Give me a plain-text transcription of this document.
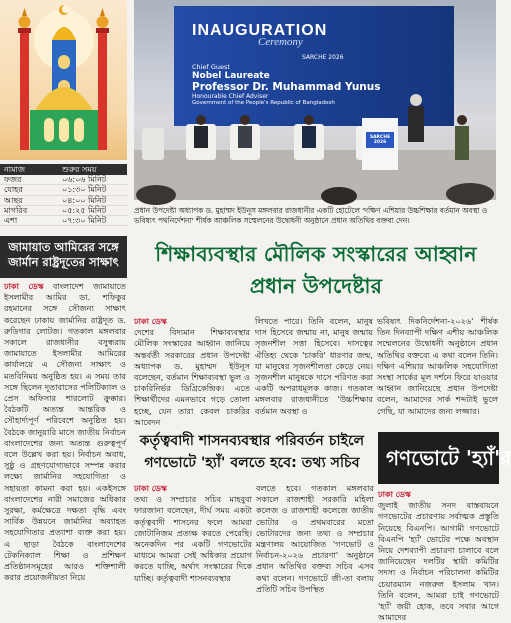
নামাজ	শুরুর সময়
ফজর	০৬:০৬ মিনিট
যোহর	০১:৩০ মিনিট
আছর	০৪:০০ মিনিট
মাগরিব	০৫:২৫ মিনিট
এশা	০৭:৩০ মিনিট
জামায়াত আমিরের সঙ্গে জার্মান রাষ্ট্রদূতের সাক্ষাৎ
ঢাকা ডেস্ক বাংলাদেশ জামায়াতে ইসলামীর আমির ডা. শফিকুর রহমানের সঙ্গে সৌজন্য সাক্ষাৎ করেছেন ঢাকায় জার্মানির রাষ্ট্রদূত ড. রুডিগার লোটজ। গতকাল মঙ্গলবার সকালে রাজধানীর বসুন্ধরায় জামায়াতে ইসলামীর আমিরের কার্যালয়ে এ সৌজন্য সাক্ষাৎ ও মতবিনিময় অনুষ্ঠিত হয়। এ সময় তার সঙ্গে ছিলেন দূতাবাসের পলিটিক্যাল ও প্রেস অফিসার শারলোট ক্রুক্কার। বৈঠকটি অত্যন্ত আন্তরিক ও সৌহার্দ্যপূর্ণ পরিবেশে অনুষ্ঠিত হয়। বৈঠকে জানুয়ারি মাসে জাতীয় নির্বাচন বাংলাদেশের জন্য অত্যন্ত গুরুত্বপূর্ণ বলে উল্লেখ করা হয়। নির্বাচন অবাধ, সুষ্ঠু ও গ্রহণযোগ্যভাবে সম্পন্ন করার লক্ষ্যে জার্মানির সহযোগিতা ও সহায়তা কামনা করা হয়। একইসঙ্গে বাংলাদেশের নারী সমাজের অধিকার সুরক্ষা, কর্মক্ষেত্রে দক্ষতা বৃদ্ধি এবং সার্বিক উন্নয়নে জার্মানির অব্যাহত সহযোগিতার প্রত্যাশা ব্যক্ত করা হয়। এ ছাড়া বৈঠকে বাংলাদেশের টেকনিক্যাল শিক্ষা ও প্রশিক্ষণ প্রতিষ্ঠানসমূহের আরও শক্তিশালী করার প্রয়োজনীয়তা নিয়ে
INAUGURATION
Ceremony
SARCHE 2026
Chief Guest
Nobel Laureate
Professor Dr. Muhammad Yunus
Honourable Chief Adviser
Government of the People's Republic of Bangladesh
SARCHE 2026
প্রধান উপদেষ্টা অধ্যাপক ড. মুহাম্মদ ইউনূস মঙ্গলবার রাজধানীর একটি হোটেলে 'দক্ষিণ এশিয়ার উচ্চশিক্ষার বর্তমান অবস্থা ও ভবিষ্যৎ পথনির্দেশনা' শীর্ষক আঞ্চলিক সম্মেলনের উদ্বোধনী অনুষ্ঠানে প্রধান অতিথির বক্তব্য দেন।
শিক্ষাব্যবস্থার মৌলিক সংস্কারের আহ্বান প্রধান উপদেষ্টার
ঢাকা ডেস্ক
দেশের বিদ্যমান শিক্ষাব্যবস্থার মৌলিক সংস্কারের আহ্বান জানিয়ে অন্তর্বর্তী সরকারের প্রধান উপদেষ্টা অধ্যাপক ড. মুহাম্মদ ইউনূস বলেছেন, বর্তমান শিক্ষাব্যবস্থা ভুল ও চাকরিনির্ভর ডিগ্রিকেন্দ্রিক। এতে শিক্ষার্থীদের এমনভাবে গড়ে তোলা হচ্ছে, যেন তারা কেবল চাকরির আবেদন
লিখতে পারে। তিনি বলেন, মানুষ দাস হিসেবে জন্মায় না, মানুষ জন্মায় সৃজনশীল সত্তা হিসেবে। দাসত্বের ঐতিহ্য থেকে 'চাকরি' ধারণার জন্ম, যা মানুষের সৃজনশীলতা কেড়ে নেয়। সৃজনশীল মানুষকে দাসে পরিণত করা একটি অপরাধমূলক কাজ। গতকাল মঙ্গলবার রাজধানীতে 'উচ্চশিক্ষার বর্তমান অবস্থা ও
ভবিষ্যৎ দিকনির্দেশনা-২০২৬' শীর্ষক তিন দিনব্যাপী দক্ষিণ এশীয় আঞ্চলিক সম্মেলনের উদ্বোধনী অনুষ্ঠানে প্রধান অতিথির বক্তব্যে এ কথা বলেন তিনি। দক্ষিণ এশিয়ার আঞ্চলিক সহযোগিতা সংস্থা সার্কের মূল দর্শনে ফিরে যাওয়ার আহ্বান জানিয়েছে প্রধান উপদেষ্টা বলেন, আমাদের সার্ক শব্দটাই ভুলে গেছি, যা আমাদের জন্য লজ্জার।
কর্তৃত্ববাদী শাসনব্যবস্থার পরিবর্তন চাইলে গণভোটে 'হ্যাঁ' বলতে হবে: তথ্য সচিব
ঢাকা ডেস্ক
তথ্য ও সম্প্রচার সচিব মাহবুবা ফারজানা বলেছেন, দীর্ঘ সময় একটা কর্তৃত্ববাদী শাসনের ফলে আমরা জোটানিজম প্রত্যক্ষ করতে পেরেছি। অনেকদিন পর একটি গণভোটের মাধ্যমে আমরা সেই অধিকার প্রয়োগ করতে যাচ্ছি, অর্থাৎ সংস্কারের দিকে যাচ্ছি। কর্তৃত্ববাদী শাসনব্যবস্থার
বলতে হবে। গতকাল মঙ্গলবার সকালে রাজশাহী সরকারি মহিলা কলেজ ও রাজশাহী কলেজে জাতীয় ভোটার ও প্রথমবারের মতো ভোটারদের জন্য তথ্য ও সম্প্রচার মন্ত্রণালয় আয়োজিত 'গণভোট ও নির্বাচন-২০২৬ প্রচারণা' অনুষ্ঠানে প্রধান অতিথির বক্তব্য সচিব এসব কথা বলেন। গণভোটে জী-তা বলায় প্রতিটি সচিব উপস্থিত
গণভোটে 'হ্যাঁ'র
ঢাকা ডেস্ক
জুলাই জাতীয় সনদ বাস্তবায়নে গণভোটের প্রচারণায় সর্বাত্মক প্রস্তুতি নিয়েছে বিএনপি। আগামী গণভোটে বিএনপি 'হ্যাঁ' ভোটের পক্ষে অবস্থান নিয়ে দেশব্যাপী প্রচারণা চালাবে বলে জানিয়েছেন দলটির স্থায়ী কমিটির সদস্য ও নির্বাচন পরিচালনা কমিটির চেয়ারম্যান নজরুল ইসলাম খান। তিনি বলেন, আমরা চাই গণভোটে 'হ্যাঁ' জয়ী হোক, তবে সবার আগে আমাদের
